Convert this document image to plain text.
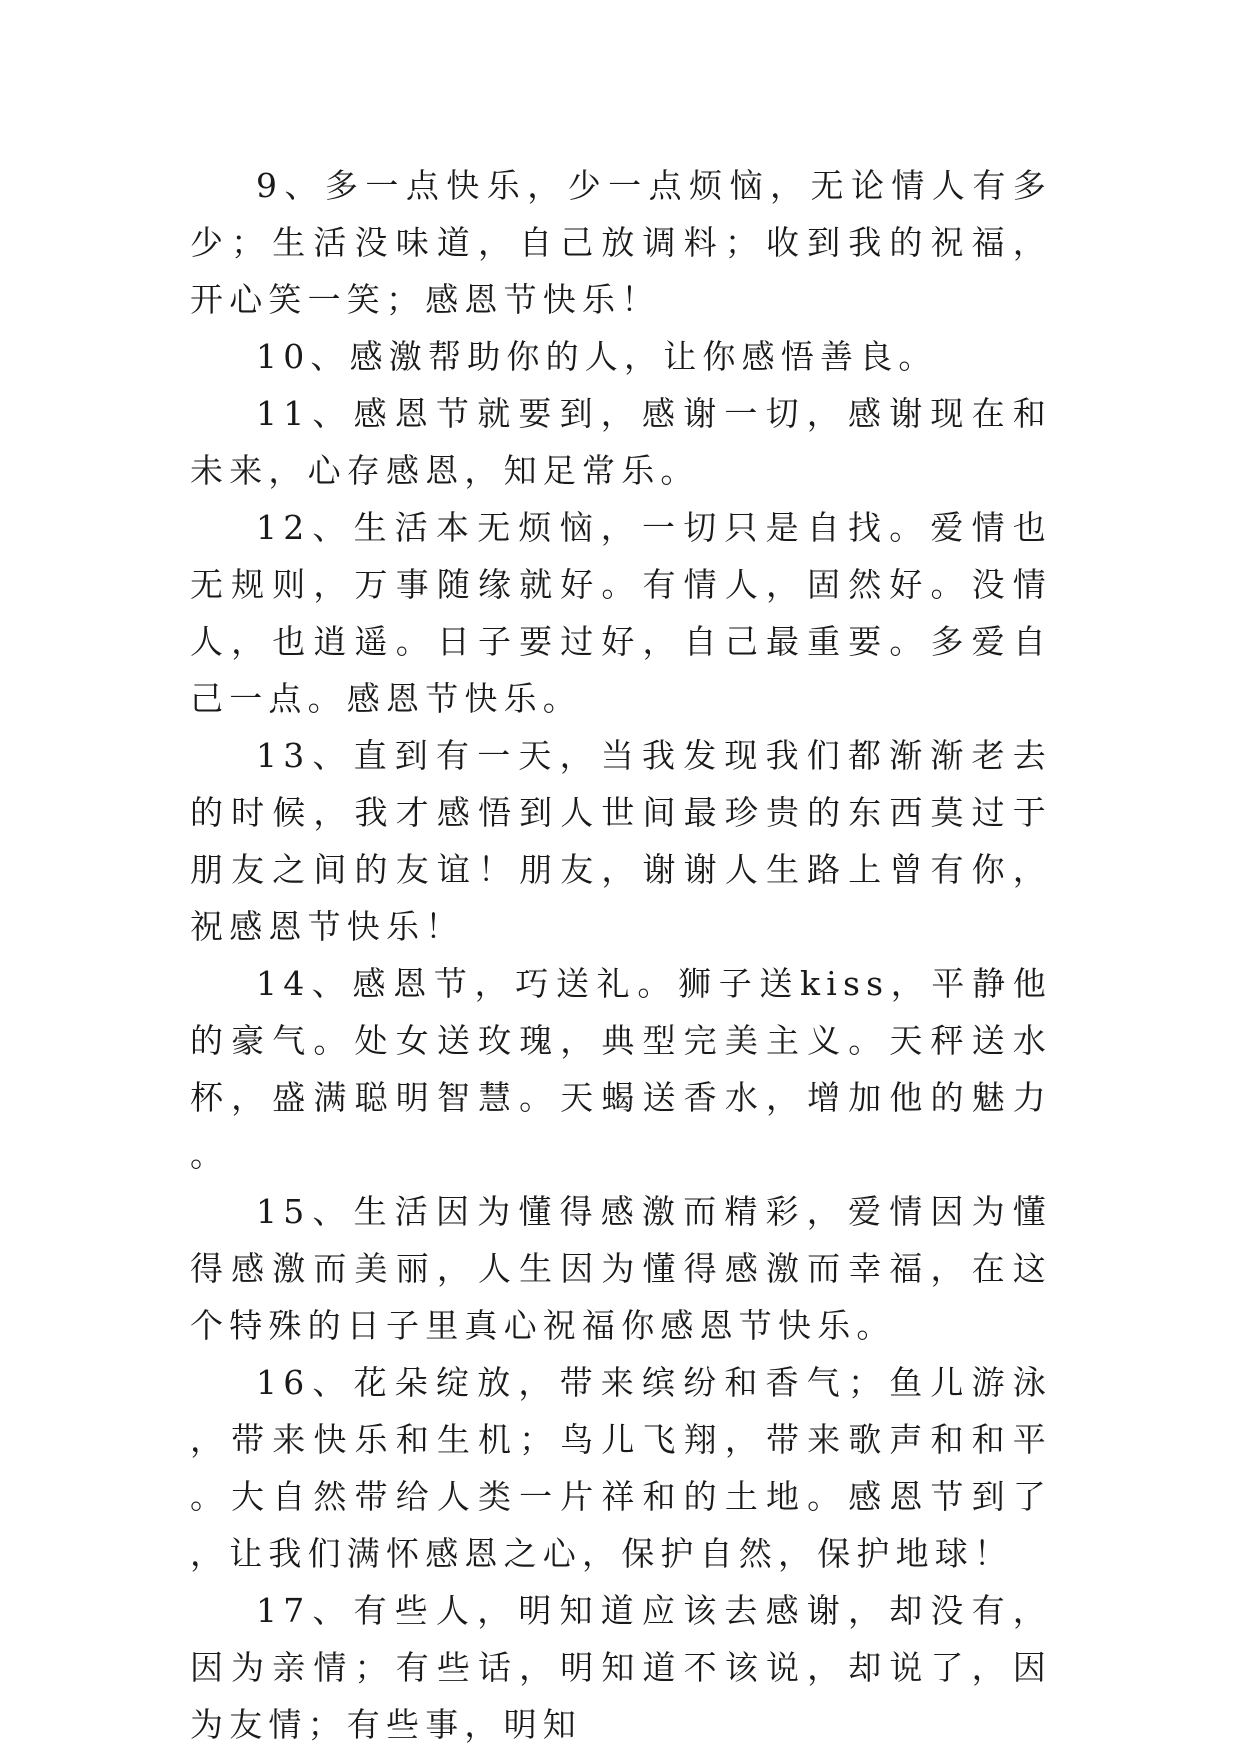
9、多一点快乐，少一点烦恼，无论情人有多少；生活没味道，自己放调料；收到我的祝福，开心笑一笑；感恩节快乐！

10、感激帮助你的人，让你感悟善良。

11、感恩节就要到，感谢一切，感谢现在和未来，心存感恩，知足常乐。

12、生活本无烦恼，一切只是自找。爱情也无规则，万事随缘就好。有情人，固然好。没情人，也逍遥。日子要过好，自己最重要。多爱自己一点。感恩节快乐。

13、直到有一天，当我发现我们都渐渐老去的时候，我才感悟到人世间最珍贵的东西莫过于朋友之间的友谊！朋友，谢谢人生路上曾有你，祝感恩节快乐！

14、感恩节，巧送礼。狮子送kiss，平静他的豪气。处女送玫瑰，典型完美主义。天秤送水杯，盛满聪明智慧。天蝎送香水，增加他的魅力。

15、生活因为懂得感激而精彩，爱情因为懂得感激而美丽，人生因为懂得感激而幸福，在这个特殊的日子里真心祝福你感恩节快乐。

16、花朵绽放，带来缤纷和香气；鱼儿游泳，带来快乐和生机；鸟儿飞翔，带来歌声和和平。大自然带给人类一片祥和的土地。感恩节到了，让我们满怀感恩之心，保护自然，保护地球！

17、有些人，明知道应该去感谢，却没有，因为亲情；有些话，明知道不该说，却说了，因为友情；有些事，明知
